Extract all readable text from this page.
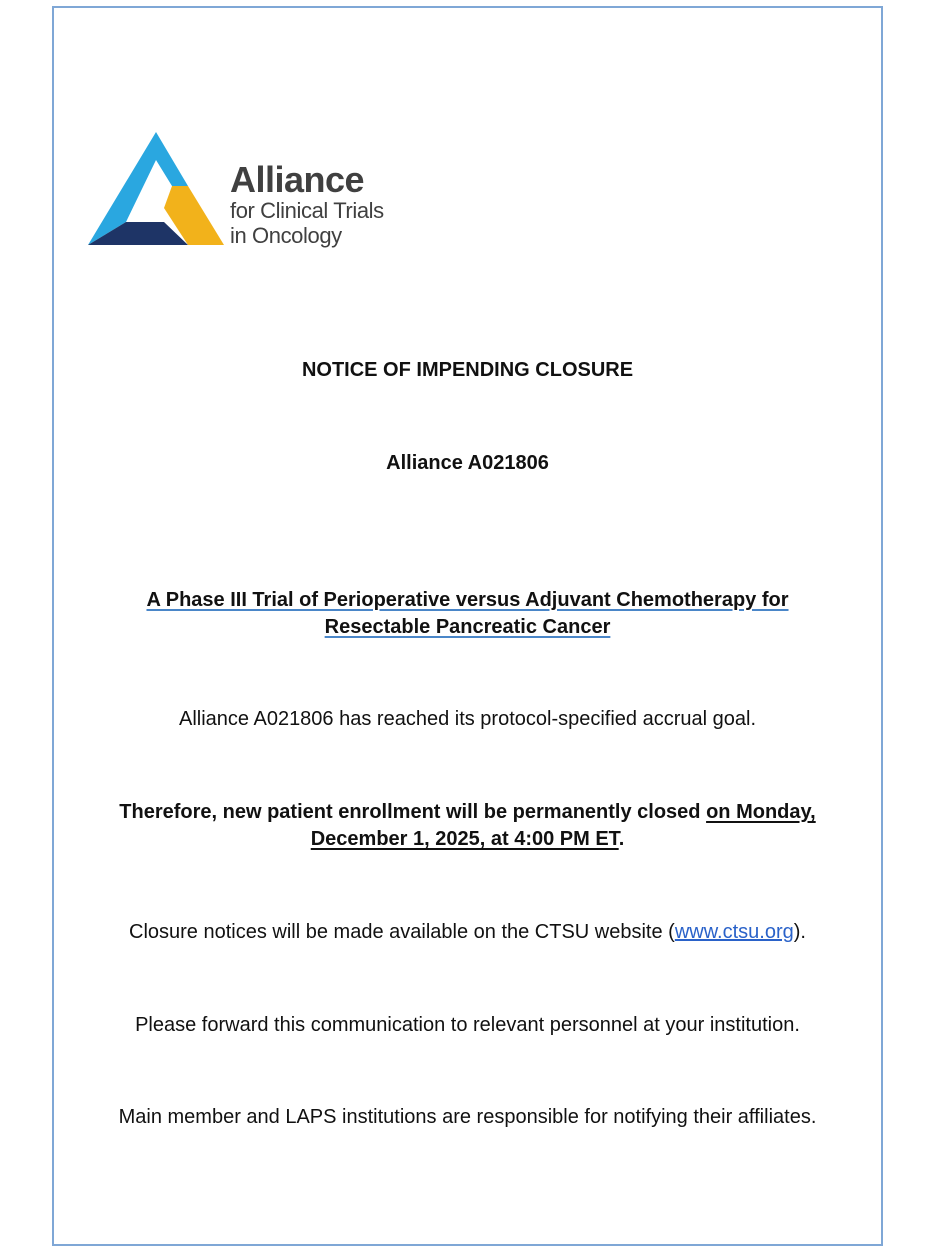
Alliance
for Clinical Trials
in Oncology
NOTICE OF IMPENDING CLOSURE
Alliance A021806
A Phase III Trial of Perioperative versus Adjuvant Chemotherapy for
Resectable Pancreatic Cancer
Alliance A021806 has reached its protocol-specified accrual goal.
Therefore, new patient enrollment will be permanently closed on Monday,
December 1, 2025, at 4:00 PM ET.
Closure notices will be made available on the CTSU website (www.ctsu.org).
Please forward this communication to relevant personnel at your institution.
Main member and LAPS institutions are responsible for notifying their affiliates.
